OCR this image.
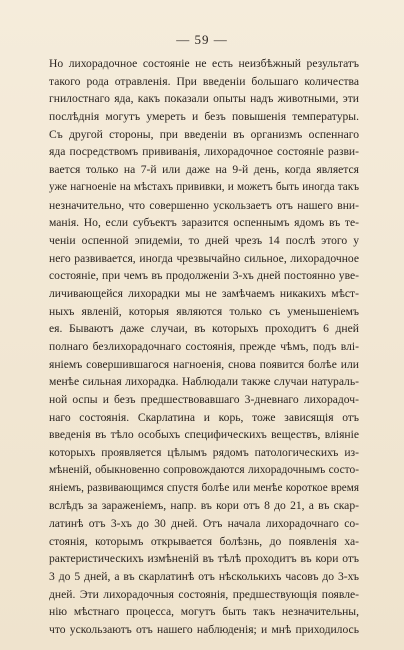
— 59 —
Но лихорадочное состоянiе не есть неизбѣжный результатъ
такого рода отравленiя. При введенiи большаго количества
гнилостнаго яда, какъ показали опыты надъ животными, эти
послѣднiя могутъ умереть и безъ повышенiя температуры.
Съ другой стороны, при введенiи въ организмъ оспеннаго
яда посредствомъ прививанiя, лихорадочное состоянiе разви-
вается только на 7-й или даже на 9-й день, когда является
уже нагноенiе на мѣстахъ прививки, и можетъ быть иногда такъ
незначительно, что совершенно ускользаетъ отъ нашего вни-
манiя. Но, если субъектъ заразится оспеннымъ ядомъ въ те-
ченiи оспенной эпидемiи, то дней чрезъ 14 послѣ этого у
него развивается, иногда чрезвычайно сильное, лихорадочное
состоянiе, при чемъ въ продолженiи 3-хъ дней постоянно уве-
личивающейся лихорадки мы не замѣчаемъ никакихъ мѣст-
ныхъ явленiй, которыя являются только съ уменьшенiемъ
ея. Бываютъ даже случаи, въ которыхъ проходитъ 6 дней
полнаго безлихорадочнаго состоянiя, прежде чѣмъ, подъ влi-
янiемъ совершившагося нагноенiя, снова появится болѣе или
менѣе сильная лихорадка. Наблюдали также случаи натураль-
ной оспы и безъ предшествовавшаго 3-дневнаго лихорадоч-
наго состоянiя. Скарлатина и корь, тоже зависящiя отъ
введенiя въ тѣло особыхъ специфическихъ веществъ, влiянiе
которыхъ проявляется цѣлымъ рядомъ патологическихъ из-
мѣненiй, обыкновенно сопровождаются лихорадочнымъ состо-
янiемъ, развивающимся спустя болѣе или менѣе короткое время
вслѣдъ за зараженiемъ, напр. въ кори отъ 8 до 21, а въ скар-
латинѣ отъ 3-хъ до 30 дней. Отъ начала лихорадочнаго со-
стоянiя, которымъ открывается болѣзнь, до появленiя ха-
рактеристическихъ измѣненiй въ тѣлѣ проходитъ въ кори отъ
3 до 5 дней, а въ скарлатинѣ отъ нѣсколькихъ часовъ до 3-хъ
дней. Эти лихорадочныя состоянiя, предшествующiя появле-
нiю мѣстнаго процесса, могутъ быть такъ незначительны,
что ускользаютъ отъ нашего наблюденiя; и мнѣ приходилось
